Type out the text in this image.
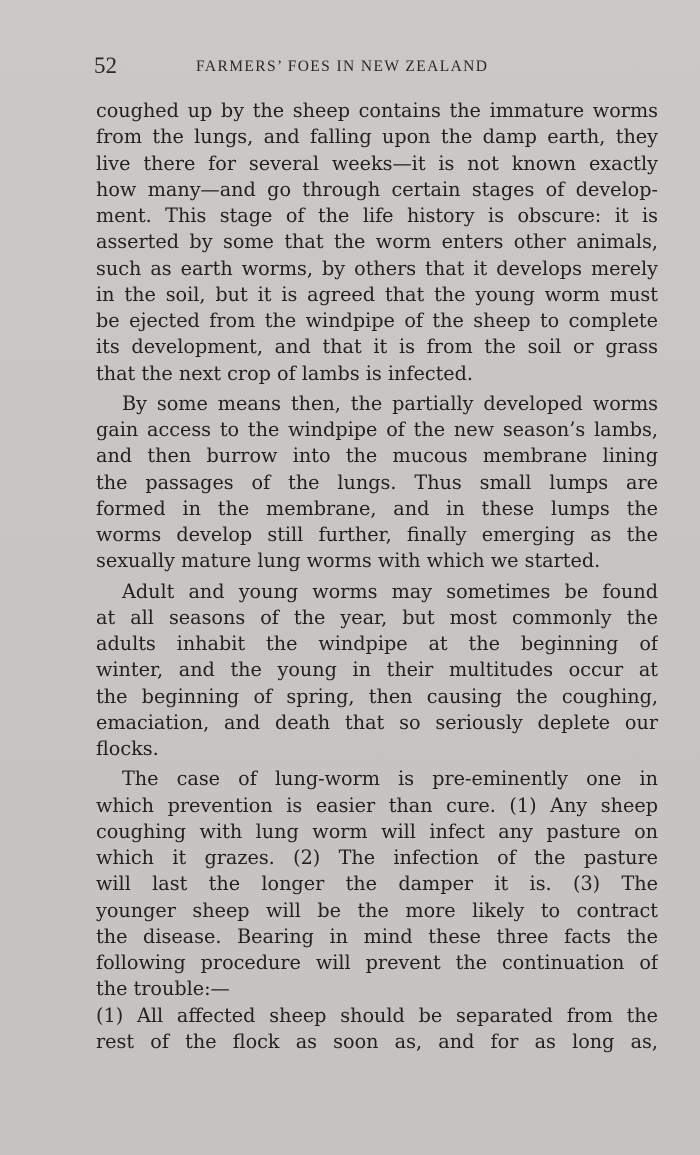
52	FARMERS’ FOES IN NEW ZEALAND
coughed up by the sheep contains the immature worms
from the lungs, and falling upon the damp earth, they
live there for several weeks—it is not known exactly
how many—and go through certain stages of develop-
ment. This stage of the life history is obscure: it is
asserted by some that the worm enters other animals,
such as earth worms, by others that it develops merely
in the soil, but it is agreed that the young worm must
be ejected from the windpipe of the sheep to complete
its development, and that it is from the soil or grass
that the next crop of lambs is infected.
By some means then, the partially developed worms
gain access to the windpipe of the new season’s lambs,
and then burrow into the mucous membrane lining
the passages of the lungs. Thus small lumps are
formed in the membrane, and in these lumps the
worms develop still further, finally emerging as the
sexually mature lung worms with which we started.
Adult and young worms may sometimes be found
at all seasons of the year, but most commonly the
adults inhabit the windpipe at the beginning of
winter, and the young in their multitudes occur at
the beginning of spring, then causing the coughing,
emaciation, and death that so seriously deplete our
flocks.
The case of lung-worm is pre-eminently one in
which prevention is easier than cure. (1) Any sheep
coughing with lung worm will infect any pasture on
which it grazes. (2) The infection of the pasture
will last the longer the damper it is. (3) The
younger sheep will be the more likely to contract
the disease. Bearing in mind these three facts the
following procedure will prevent the continuation of
the trouble:—
(1) All affected sheep should be separated from the
rest of the flock as soon as, and for as long as,
